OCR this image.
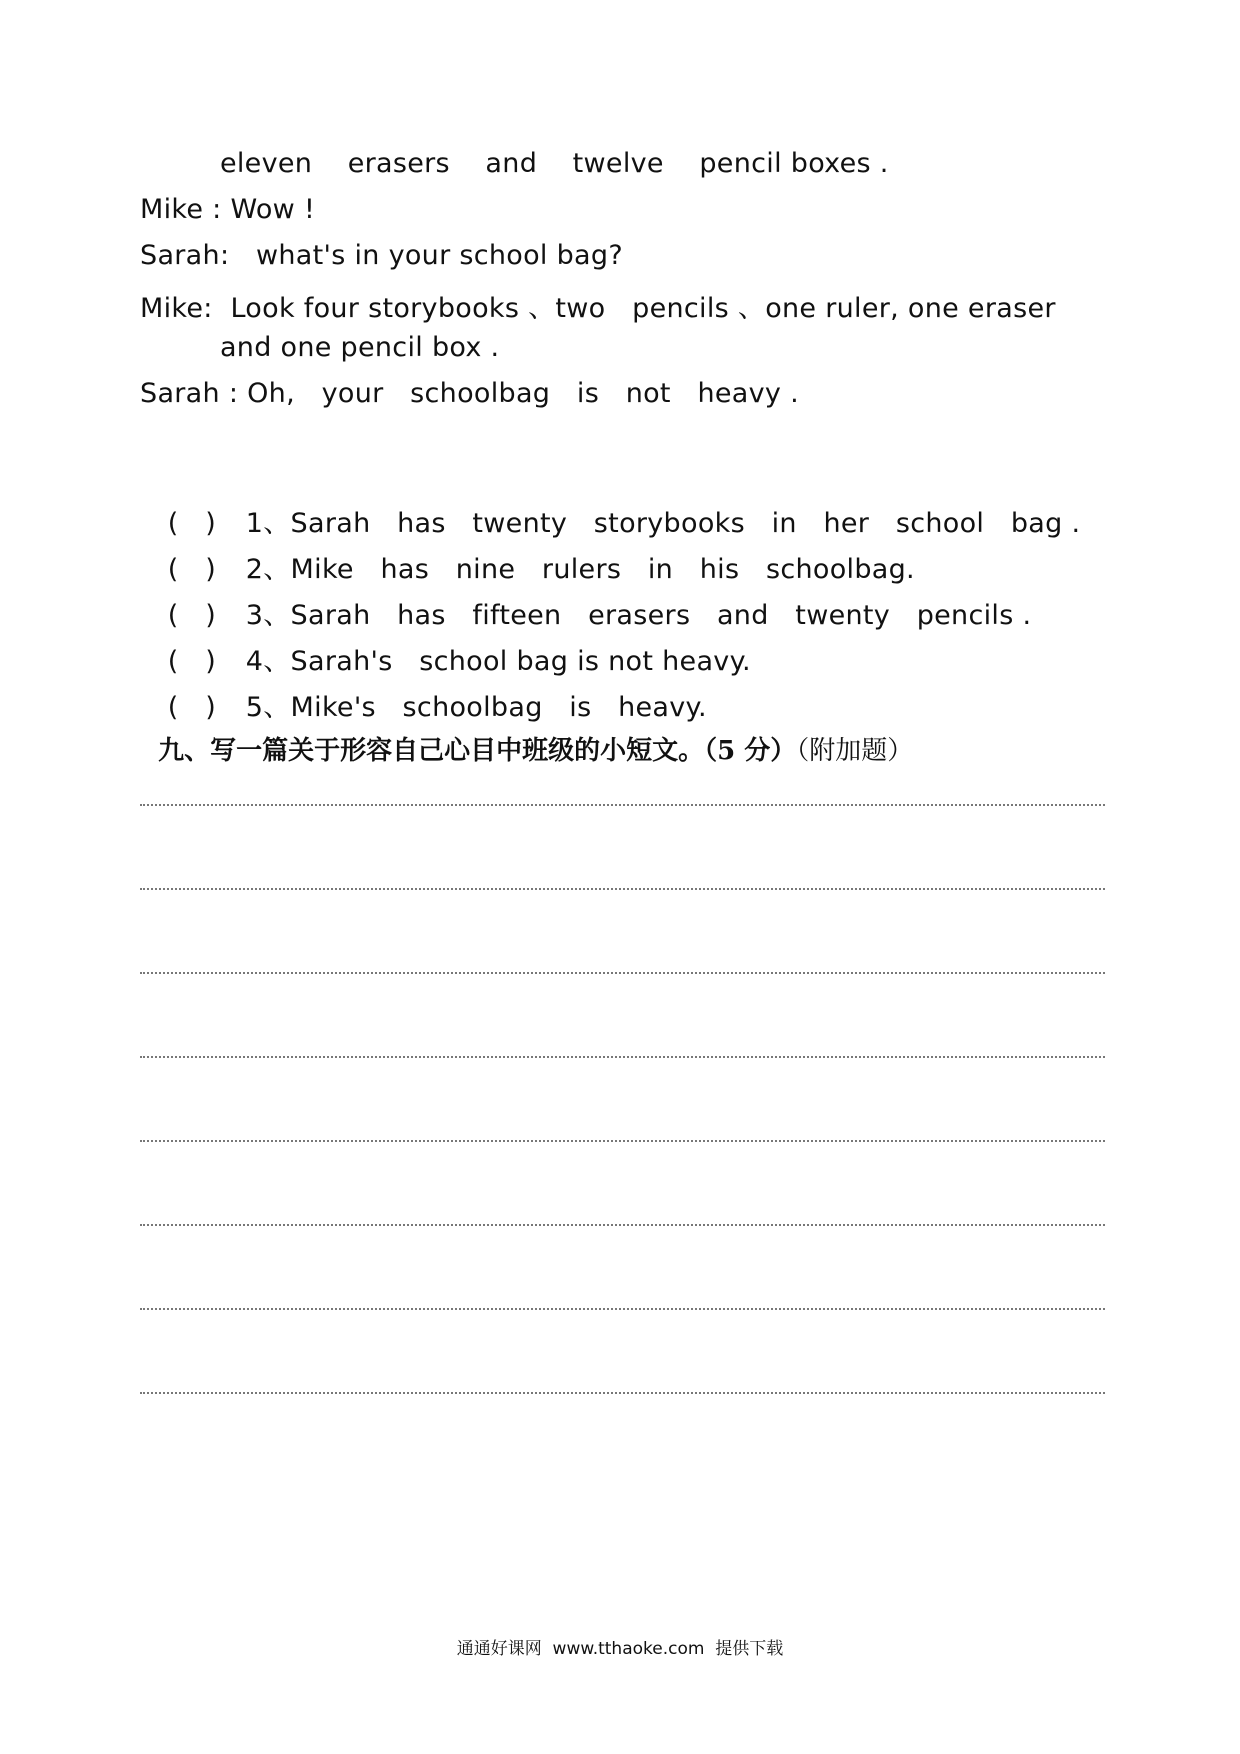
eleven    erasers    and    twelve    pencil boxes .
Mike : Wow !
Sarah:   what's in your school bag?
Mike:  Look four storybooks 、two   pencils 、one ruler, one eraser
and one pencil box .
Sarah : Oh,   your   schoolbag   is   not   heavy .

(   ) 1、Sarah   has   twenty   storybooks   in   her   school   bag .

(   ) 2、Mike   has   nine   rulers   in   his   schoolbag.

(   ) 3、Sarah   has   fifteen   erasers   and   twenty   pencils .

(   ) 4、Sarah's   school bag is not heavy.

(   ) 5、Mike's   schoolbag   is   heavy.

九、写一篇关于形容自己心目中班级的小短文。（5 分）（附加题）

通通好课网  www.tthaoke.com  提供下载
